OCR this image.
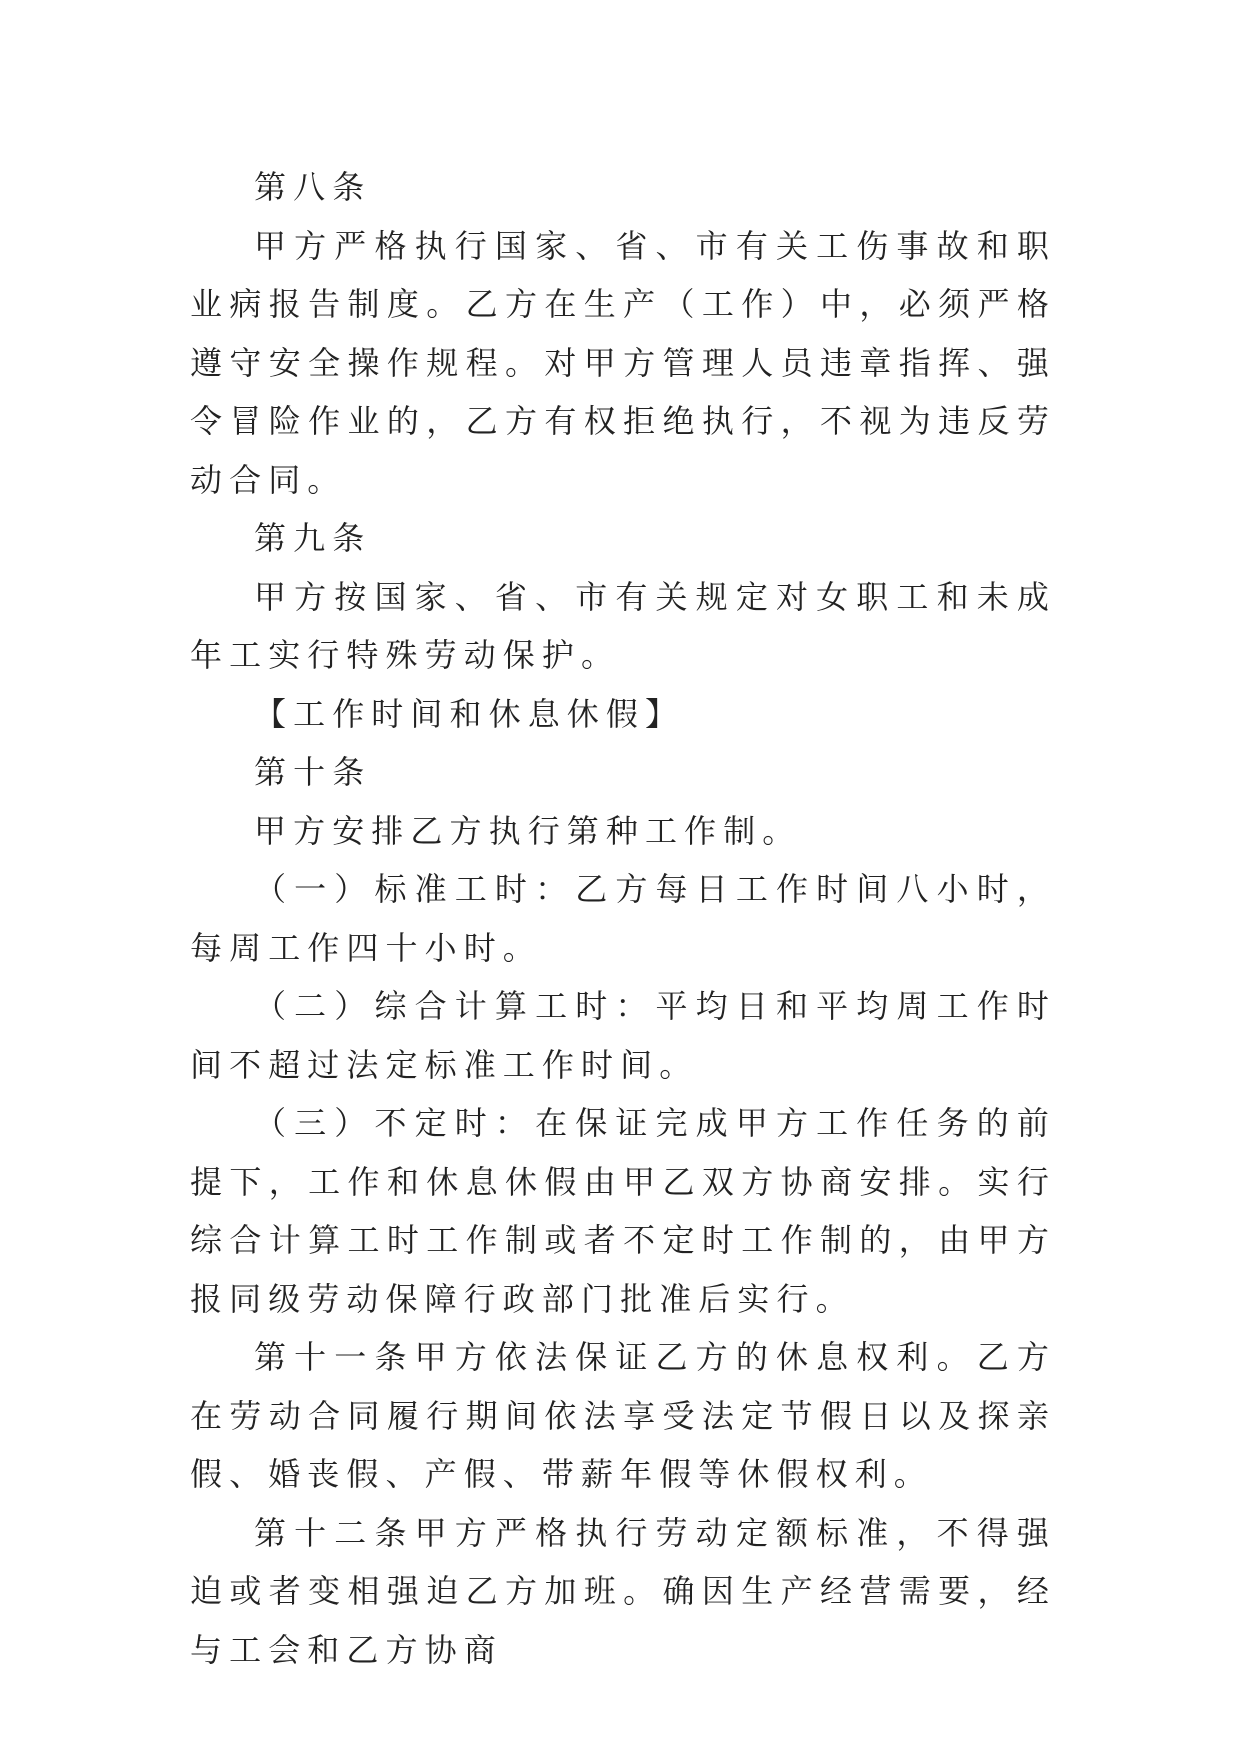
第八条

甲方严格执行国家、省、市有关工伤事故和职业病报告制度。乙方在生产（工作）中，必须严格遵守安全操作规程。对甲方管理人员违章指挥、强令冒险作业的，乙方有权拒绝执行，不视为违反劳动合同。

第九条

甲方按国家、省、市有关规定对女职工和未成年工实行特殊劳动保护。

【工作时间和休息休假】

第十条

甲方安排乙方执行第种工作制。

（一）标准工时：乙方每日工作时间八小时，每周工作四十小时。

（二）综合计算工时：平均日和平均周工作时间不超过法定标准工作时间。

（三）不定时：在保证完成甲方工作任务的前提下，工作和休息休假由甲乙双方协商安排。实行综合计算工时工作制或者不定时工作制的，由甲方报同级劳动保障行政部门批准后实行。

第十一条甲方依法保证乙方的休息权利。乙方在劳动合同履行期间依法享受法定节假日以及探亲假、婚丧假、产假、带薪年假等休假权利。

第十二条甲方严格执行劳动定额标准，不得强迫或者变相强迫乙方加班。确因生产经营需要，经与工会和乙方协商
